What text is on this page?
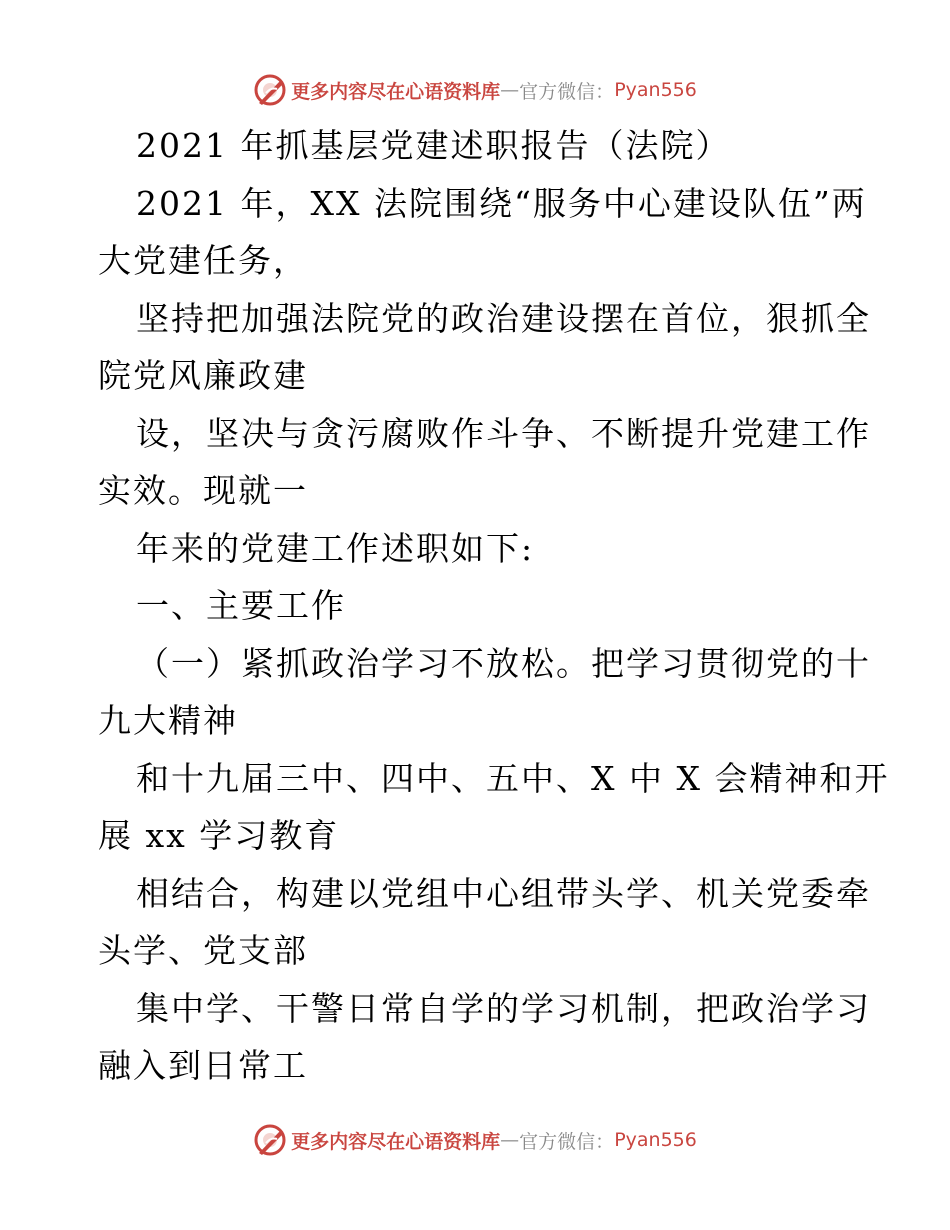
更多内容尽在心语资料库 — 官方微信： Pyan556
2021 年抓基层党建述职报告（法院）
2021 年，XX 法院围绕“服务中心建设队伍”两
大党建任务，
坚持把加强法院党的政治建设摆在首位，狠抓全
院党风廉政建
设，坚决与贪污腐败作斗争、不断提升党建工作
实效。现就一
年来的党建工作述职如下:
一、主要工作
（一）紧抓政治学习不放松。把学习贯彻党的十
九大精神
和十九届三中、四中、五中、X 中 X 会精神和开
展 xx 学习教育
相结合，构建以党组中心组带头学、机关党委牵
头学、党支部
集中学、干警日常自学的学习机制，把政治学习
融入到日常工
更多内容尽在心语资料库 — 官方微信： Pyan556
